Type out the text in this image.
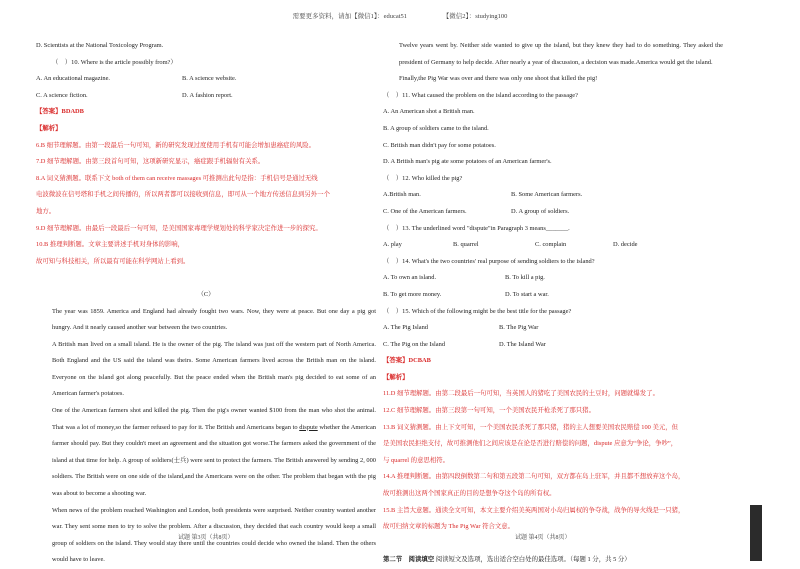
需要更多资料，请加【微信1】：educat51　　　　　　【微信2】：studying100
D. Scientists at the National Toxicology Program.
（　）10. Where is the article possibly from?）
A. An educational magazine.	B. A science website.
C. A science fiction.	D. A fashion report.
【答案】BDADB
【解析】
6.B 细节理解题。由第一段最后一句可知，新的研究发现过度使用手机有可能会增加患癌症的风险。
7.D 细节理解题。由第三段首句可知，这项新研究显示，癌症跟手机辐射有关系。
8.A 词义猜测题。联系下文 both of them can receive massages 可推测出此句是指：手机信号是通过无线
电波微波在信号塔和手机之间传播的，所以两者都可以接收到信息，即可从一个地方传送信息到另外一个
地方。
9.D 细节理解题。由最后一段最后一句可知，是美国国家毒理学规划处的科学家决定作进一步的探究。
10.B 推理判断题。文章主要讲述手机对身体的影响，
故可知与科技相关，所以最有可能在科学网站上看到。
（C）
The year was 1859. America and England had already fought two wars. Now, they were at peace. But one day a pig got hungry. And it nearly caused another war between the two countries.
A British man lived on a small island. He is the owner of the pig. The island was just off the western part of North America. Both England and the US said the island was theirs. Some American farmers lived across the British man on the island. Everyone on the island got along peacefully. But the peace ended when the British man's pig decided to eat some of an American farmer's potatoes.
One of the American farmers shot and killed the pig. Then the pig's owner wanted $100 from the man who shot the animal. That was a lot of money,so the farmer refused to pay for it. The British and Americans began to dispute whether the American farmer should pay. But they couldn't meet an agreement and the situation got worse.The farmers asked the government of the island at that time for help. A group of soldiers(士兵) were sent to protect the farmers. The British answered by sending 2, 000 soldiers. The British were on one side of the island,and the Americans were on the other. The problem that began with the pig was about to become a shooting war.
When news of the problem reached Washington and London, both presidents were surprised. Neither country wanted another war. They sent some men to try to solve the problem. After a discussion, they decided that each country would keep a small group of soldiers on the island. They would stay there until the countries could decide who owned the island. Then the others would have to leave.
Twelve years went by. Neither side wanted to give up the island, but they knew they had to do something. They asked the president of Germany to help decide. After nearly a year of discussion, a decision was made.America would get the island.
Finally,the Pig War was over and there was only one shoot that killed the pig!
（　）11. What caused the problem on the island according to the passage?
A. An American shot a British man.
B. A group of soldiers came to the island.
C. British man didn't pay for some potatoes.
D. A British man's pig ate some potatoes of an American farmer's.
（　）12. Who killed the pig?
A.British man.	B. Some American farmers.
C. One of the American farmers.	D. A group of soldiers.
（　）13. The underlined word "dispute"in Paragraph 3 means_______.
A. play	B. quarrel	C. complain	D. decide
（　）14. What's the two countries' real purpose of sending soldiers to the island?
A. To own an island.	B. To kill a pig.
B. To get more money.	D. To start a war.
（　）15. Which of the following might be the best title for the passage?
A. The Pig Island	B. The Pig War
C. The Pig on the Island	D. The Island War
【答案】DCBAB
【解析】
11.D 细节理解题。由第二段最后一句可知，当英国人的猪吃了美国农民的土豆时，问题就爆发了。
12.C 细节理解题。由第三段第一句可知，一个美国农民开枪杀死了那只猪。
13.B 词义猜测题。由上下文可知，一个美国农民杀死了那只猪，猪的主人想要美国农民赔偿 100 美元，但
是美国农民拒绝支付，故可推测他们之间应该是在论是否进行赔偿的问题，dispute 应意为“争论，争吵”，
与 quarrel 的意思相符。
14.A 推理判断题。由第四段倒数第二句和第五段第二句可知，双方都在岛上驻军，并且都不想放弃这个岛，
故可推测出这两个国家真正的目的是想争夺这个岛的所有权。
15.B 主旨大意题。通读全文可知，本文主要介绍美英两国对小岛归属权的争夺战，战争的导火线是一只猪，
故可归纳文章的标题为 The Pig War 符合文意。
第二节　阅读填空 阅读短文及选项，选出适合空白处的最佳选项。（每题 1 分，共 5 分）
试题 第3页（共8页）	试题 第4页（共8页）
